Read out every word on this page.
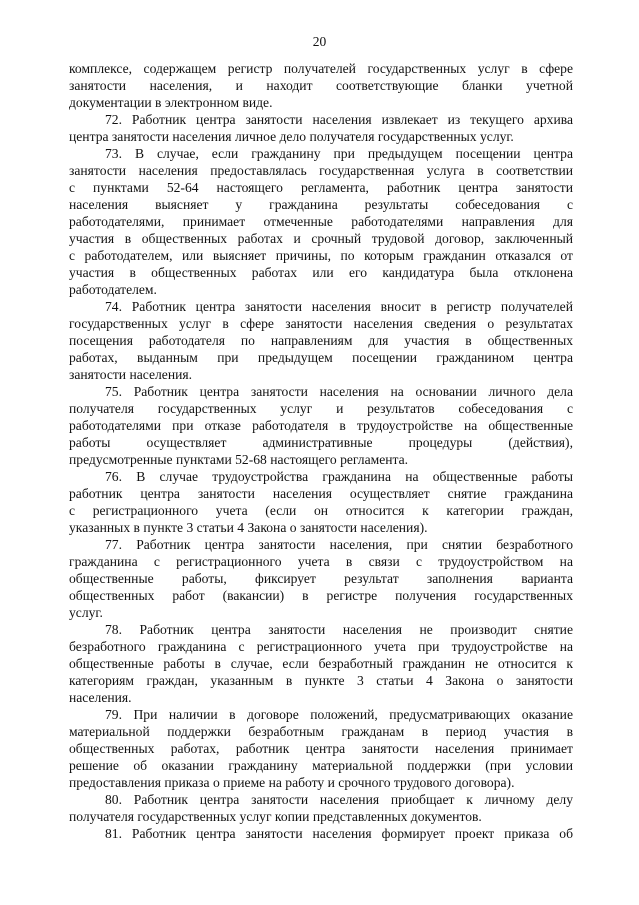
20
комплексе, содержащем регистр получателей государственных услуг в сфере
занятости населения, и находит соответствующие бланки учетной
документации в электронном виде.
72. Работник центра занятости населения извлекает из текущего архива
центра занятости населения личное дело получателя государственных услуг.
73. В случае, если гражданину при предыдущем посещении центра
занятости населения предоставлялась государственная услуга в соответствии
с пунктами 52-64 настоящего регламента, работник центра занятости
населения выясняет у гражданина результаты собеседования с
работодателями, принимает отмеченные работодателями направления для
участия в общественных работах и срочный трудовой договор, заключенный
с работодателем, или выясняет причины, по которым гражданин отказался от
участия в общественных работах или его кандидатура была отклонена
работодателем.
74. Работник центра занятости населения вносит в регистр получателей
государственных услуг в сфере занятости населения сведения о результатах
посещения работодателя по направлениям для участия в общественных
работах, выданным при предыдущем посещении гражданином центра
занятости населения.
75. Работник центра занятости населения на основании личного дела
получателя государственных услуг и результатов собеседования с
работодателями при отказе работодателя в трудоустройстве на общественные
работы осуществляет административные процедуры (действия),
предусмотренные пунктами 52-68 настоящего регламента.
76. В случае трудоустройства гражданина на общественные работы
работник центра занятости населения осуществляет снятие гражданина
с регистрационного учета (если он относится к категории граждан,
указанных в пункте 3 статьи 4 Закона о занятости населения).
77. Работник центра занятости населения, при снятии безработного
гражданина с регистрационного учета в связи с трудоустройством на
общественные работы, фиксирует результат заполнения варианта
общественных работ (вакансии) в регистре получения государственных
услуг.
78. Работник центра занятости населения не производит снятие
безработного гражданина с регистрационного учета при трудоустройстве на
общественные работы в случае, если безработный гражданин не относится к
категориям граждан, указанным в пункте 3 статьи 4 Закона о занятости
населения.
79. При наличии в договоре положений, предусматривающих оказание
материальной поддержки безработным гражданам в период участия в
общественных работах, работник центра занятости населения принимает
решение об оказании гражданину материальной поддержки (при условии
предоставления приказа о приеме на работу и срочного трудового договора).
80. Работник центра занятости населения приобщает к личному делу
получателя государственных услуг копии представленных документов.
81. Работник центра занятости населения формирует проект приказа об
